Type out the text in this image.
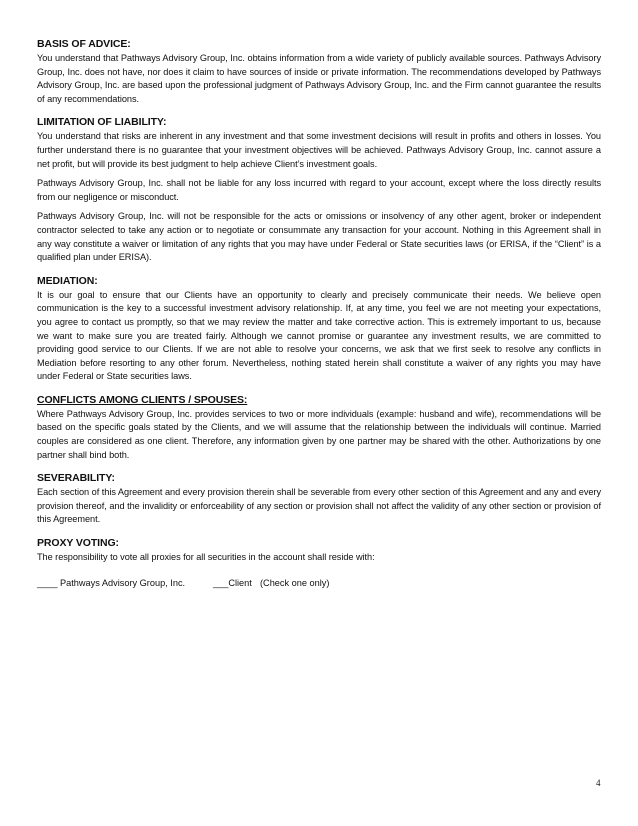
BASIS OF ADVICE:
You understand that Pathways Advisory Group, Inc. obtains information from a wide variety of publicly available sources. Pathways Advisory Group, Inc. does not have, nor does it claim to have sources of inside or private information. The recommendations developed by Pathways Advisory Group, Inc. are based upon the professional judgment of Pathways Advisory Group, Inc. and the Firm cannot guarantee the results of any recommendations.
LIMITATION OF LIABILITY:
You understand that risks are inherent in any investment and that some investment decisions will result in profits and others in losses. You further understand there is no guarantee that your investment objectives will be achieved. Pathways Advisory Group, Inc. cannot assure a net profit, but will provide its best judgment to help achieve Client’s investment goals.
Pathways Advisory Group, Inc. shall not be liable for any loss incurred with regard to your account, except where the loss directly results from our negligence or misconduct.
Pathways Advisory Group, Inc. will not be responsible for the acts or omissions or insolvency of any other agent, broker or independent contractor selected to take any action or to negotiate or consummate any transaction for your account. Nothing in this Agreement shall in any way constitute a waiver or limitation of any rights that you may have under Federal or State securities laws (or ERISA, if the “Client” is a qualified plan under ERISA).
MEDIATION:
It is our goal to ensure that our Clients have an opportunity to clearly and precisely communicate their needs. We believe open communication is the key to a successful investment advisory relationship. If, at any time, you feel we are not meeting your expectations, you agree to contact us promptly, so that we may review the matter and take corrective action. This is extremely important to us, because we want to make sure you are treated fairly. Although we cannot promise or guarantee any investment results, we are committed to providing good service to our Clients. If we are not able to resolve your concerns, we ask that we first seek to resolve any conflicts in Mediation before resorting to any other forum. Nevertheless, nothing stated herein shall constitute a waiver of any rights you may have under Federal or State securities laws.
CONFLICTS AMONG CLIENTS / SPOUSES:
Where Pathways Advisory Group, Inc. provides services to two or more individuals (example: husband and wife), recommendations will be based on the specific goals stated by the Clients, and we will assume that the relationship between the individuals will continue. Married couples are considered as one client. Therefore, any information given by one partner may be shared with the other. Authorizations by one partner shall bind both.
SEVERABILITY:
Each section of this Agreement and every provision therein shall be severable from every other section of this Agreement and any and every provision thereof, and the invalidity or enforceability of any section or provision shall not affect the validity of any other section or provision of this Agreement.
PROXY VOTING:
The responsibility to vote all proxies for all securities in the account shall reside with:
____ Pathways Advisory Group, Inc.	___Client (Check one only)
4
